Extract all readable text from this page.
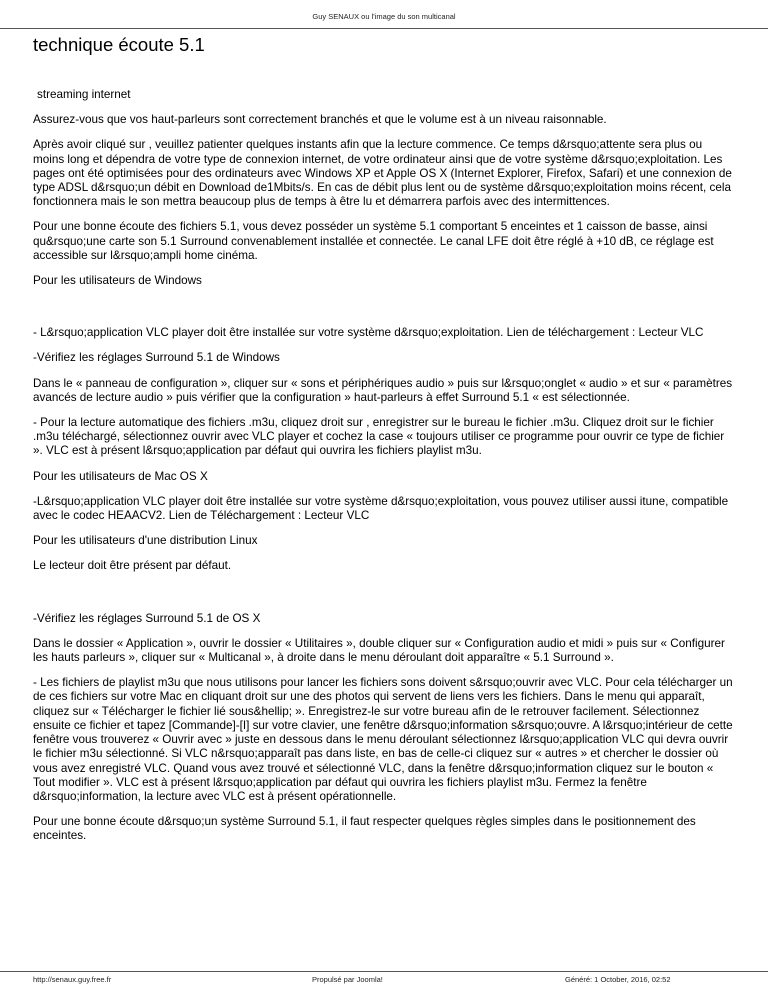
Guy SENAUX ou l'image du son multicanal
technique écoute 5.1

streaming internet

Assurez-vous que vos haut-parleurs sont correctement branchés et que le volume est à un niveau raisonnable.

Après avoir cliqué sur , veuillez patienter quelques instants afin que la lecture commence. Ce temps d&rsquo;attente sera plus ou moins long et dépendra de votre type de connexion internet, de votre ordinateur ainsi que de votre système d&rsquo;exploitation. Les pages ont été optimisées pour des ordinateurs avec Windows XP et Apple OS X (Internet Explorer, Firefox, Safari) et une connexion de type ADSL d&rsquo;un débit en Download de1Mbits/s. En cas de débit plus lent ou de système d&rsquo;exploitation moins récent, cela fonctionnera mais le son mettra beaucoup plus de temps à être lu et démarrera parfois avec des intermittences.

Pour une bonne écoute des fichiers 5.1, vous devez posséder un système 5.1 comportant 5 enceintes et 1 caisson de basse, ainsi qu&rsquo;une carte son 5.1 Surround convenablement installée et connectée. Le canal LFE doit être réglé à +10 dB, ce réglage est accessible sur l&rsquo;ampli home cinéma.

Pour les utilisateurs de Windows

- L&rsquo;application VLC player doit être installée sur votre système d&rsquo;exploitation. Lien de téléchargement : Lecteur VLC

-Vérifiez les réglages Surround 5.1 de Windows

Dans le « panneau de configuration », cliquer sur « sons et périphériques audio » puis sur l&rsquo;onglet « audio » et sur « paramètres avancés de lecture audio » puis vérifier que la configuration » haut-parleurs à effet Surround 5.1 « est sélectionnée.

- Pour la lecture automatique des fichiers .m3u, cliquez droit sur , enregistrer sur le bureau le fichier .m3u. Cliquez droit sur le fichier .m3u téléchargé, sélectionnez ouvrir avec VLC player et cochez la case « toujours utiliser ce programme pour ouvrir ce type de fichier ». VLC est à présent l&rsquo;application par défaut qui ouvrira les fichiers playlist m3u.

Pour les utilisateurs de Mac OS X

-L&rsquo;application VLC player doit être installée sur votre système d&rsquo;exploitation, vous pouvez utiliser aussi itune, compatible avec le codec HEAACV2. Lien de Téléchargement : Lecteur VLC

Pour les utilisateurs d'une distribution Linux

Le lecteur doit être présent par défaut.

-Vérifiez les réglages Surround 5.1 de OS X

Dans le dossier « Application », ouvrir le dossier « Utilitaires », double cliquer sur « Configuration audio et midi » puis sur « Configurer les hauts parleurs », cliquer sur « Multicanal », à droite dans le menu déroulant doit apparaître « 5.1 Surround ».

- Les fichiers de playlist m3u que nous utilisons pour lancer les fichiers sons doivent s&rsquo;ouvrir avec VLC. Pour cela télécharger un de ces fichiers sur votre Mac en cliquant droit sur une des photos qui servent de liens vers les fichiers. Dans le menu qui apparaît, cliquez sur « Télécharger le fichier lié sous&hellip; ». Enregistrez-le sur votre bureau afin de le retrouver facilement. Sélectionnez ensuite ce fichier et tapez [Commande]-[I] sur votre clavier, une fenêtre d&rsquo;information s&rsquo;ouvre. A l&rsquo;intérieur de cette fenêtre vous trouverez « Ouvrir avec » juste en dessous dans le menu déroulant sélectionnez l&rsquo;application VLC qui devra ouvrir le fichier m3u sélectionné. Si VLC n&rsquo;apparaît pas dans liste, en bas de celle-ci cliquez sur « autres » et chercher le dossier où vous avez enregistré VLC. Quand vous avez trouvé et sélectionné VLC, dans la fenêtre d&rsquo;information cliquez sur le bouton « Tout modifier ». VLC est à présent l&rsquo;application par défaut qui ouvrira les fichiers playlist m3u. Fermez la fenêtre d&rsquo;information, la lecture avec VLC est à présent opérationnelle.

Pour une bonne écoute d&rsquo;un système Surround 5.1, il faut respecter quelques règles simples dans le positionnement des enceintes.

http://senaux.guy.free.fr	Propulsé par Joomla!	Généré: 1 October, 2016, 02:52
